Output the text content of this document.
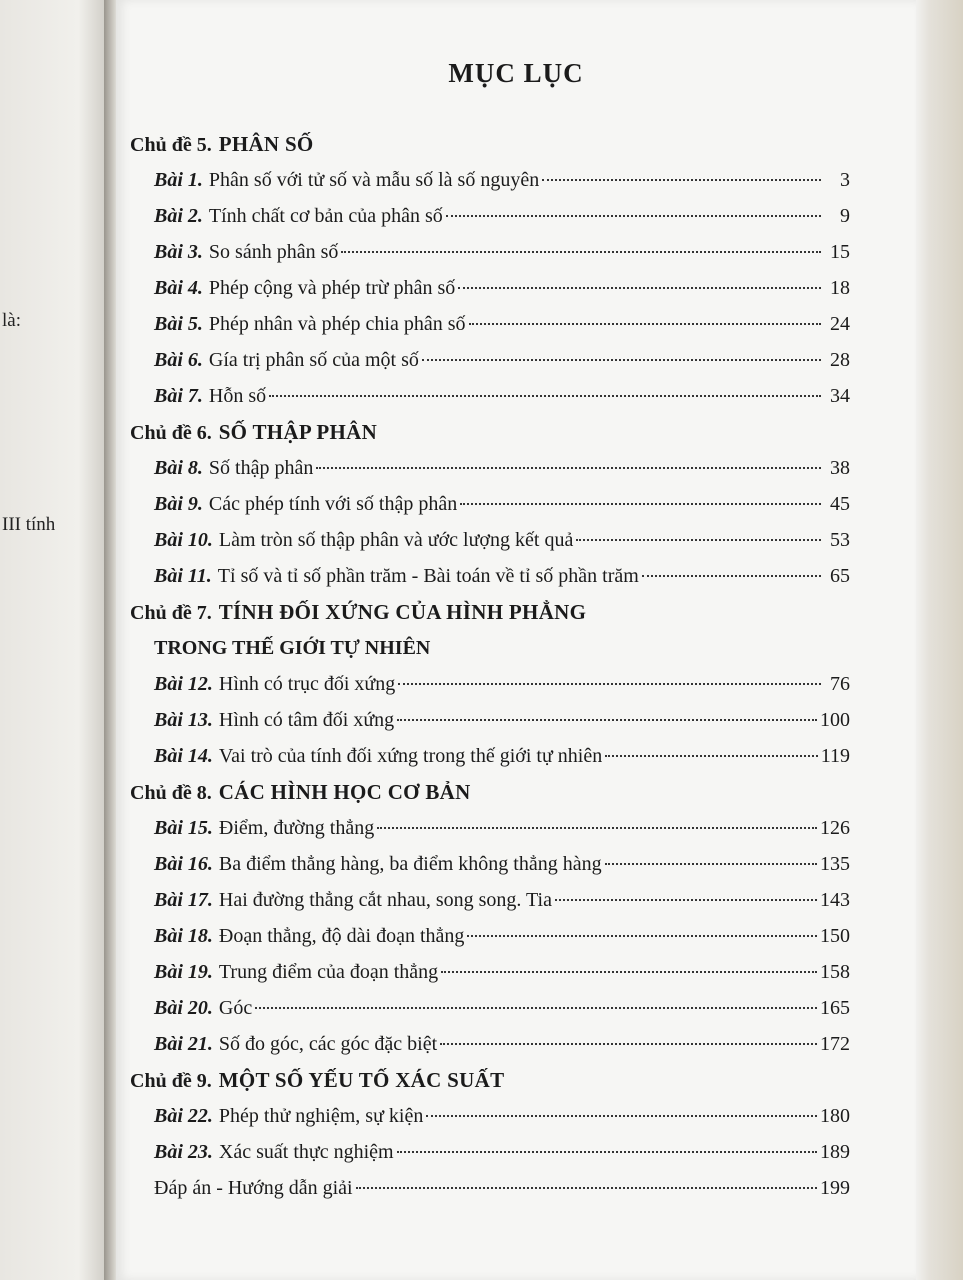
là:
III tính
MỤC LỤC
Chủ đề 5. PHÂN SỐ
Bài 1. Phân số với tử số và mẫu số là số nguyên	3
Bài 2. Tính chất cơ bản của phân số	9
Bài 3. So sánh phân số	15
Bài 4. Phép cộng và phép trừ phân số	18
Bài 5. Phép nhân và phép chia phân số	24
Bài 6. Gía trị phân số của một số	28
Bài 7. Hỗn số	34
Chủ đề 6. SỐ THẬP PHÂN
Bài 8. Số thập phân	38
Bài 9. Các phép tính với số thập phân	45
Bài 10. Làm tròn số thập phân và ước lượng kết quả	53
Bài 11. Tỉ số và tỉ số phần trăm - Bài toán về tỉ số phần trăm	65
Chủ đề 7. TÍNH ĐỐI XỨNG CỦA HÌNH PHẲNG
TRONG THẾ GIỚI TỰ NHIÊN
Bài 12. Hình có trục đối xứng	76
Bài 13. Hình có tâm đối xứng	100
Bài 14. Vai trò của tính đối xứng trong thế giới tự nhiên	119
Chủ đề 8. CÁC HÌNH HỌC CƠ BẢN
Bài 15. Điểm, đường thẳng	126
Bài 16. Ba điểm thẳng hàng, ba điểm không thẳng hàng	135
Bài 17. Hai đường thẳng cắt nhau, song song. Tia	143
Bài 18. Đoạn thẳng, độ dài đoạn thẳng	150
Bài 19. Trung điểm của đoạn thẳng	158
Bài 20. Góc	165
Bài 21. Số đo góc, các góc đặc biệt	172
Chủ đề 9. MỘT SỐ YẾU TỐ XÁC SUẤT
Bài 22. Phép thử nghiệm, sự kiện	180
Bài 23. Xác suất thực nghiệm	189
Đáp án - Hướng dẫn giải	199
